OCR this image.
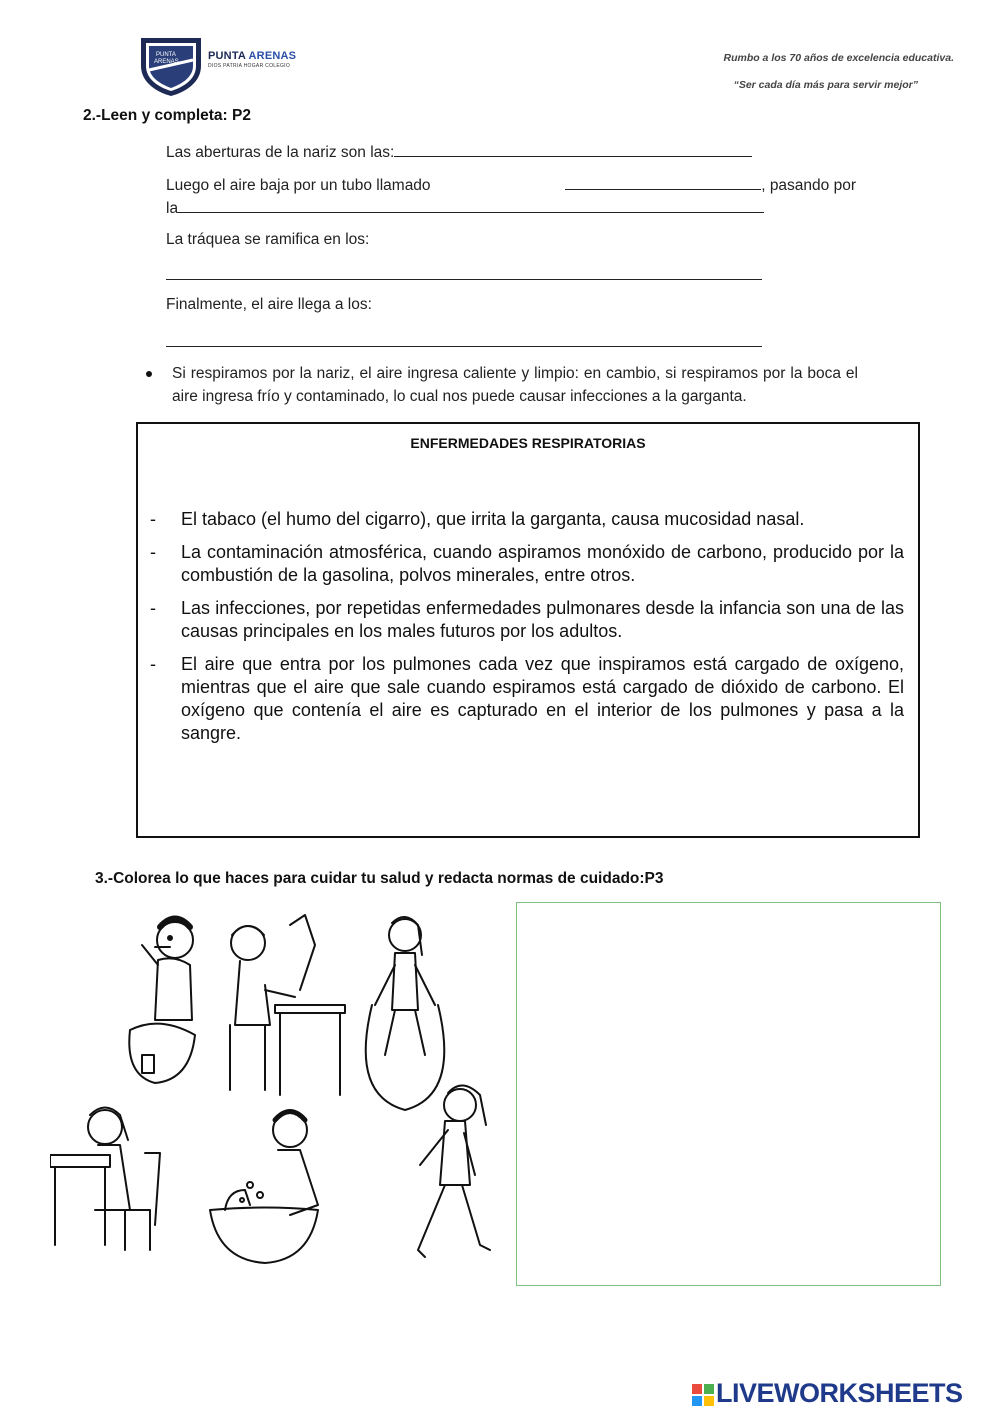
PUNTA
ARENAS	PUNTA ARENAS
DIOS PATRIA HOGAR COLEGIO
Rumbo a los 70 años de excelencia educativa.
“Ser cada día más para servir mejor”
2.-Leen y completa: P2
Las aberturas de la nariz son las:
Luego el aire baja por un tubo llamado	, pasando por
la
La tráquea se ramifica en los:
Finalmente, el aire llega a los:
Si respiramos por la nariz, el aire ingresa caliente y limpio: en cambio, si respiramos por la boca el aire ingresa frío y contaminado, lo cual nos puede causar infecciones a la garganta.
ENFERMEDADES RESPIRATORIAS
- El tabaco (el humo del cigarro), que irrita la garganta, causa mucosidad nasal.
- La contaminación atmosférica, cuando aspiramos monóxido de carbono, producido por la combustión de la gasolina, polvos minerales, entre otros.
- Las infecciones, por repetidas enfermedades pulmonares desde la infancia son una de las causas principales en los males futuros por los adultos.
- El aire que entra por los pulmones cada vez que inspiramos está cargado de oxígeno, mientras que el aire que sale cuando espiramos está cargado de dióxido de carbono. El oxígeno que contenía el aire es capturado en el interior de los pulmones y pasa a la sangre.
3.-Colorea lo que haces para cuidar tu salud y redacta normas de cuidado:P3
LIVEWORKSHEETS
